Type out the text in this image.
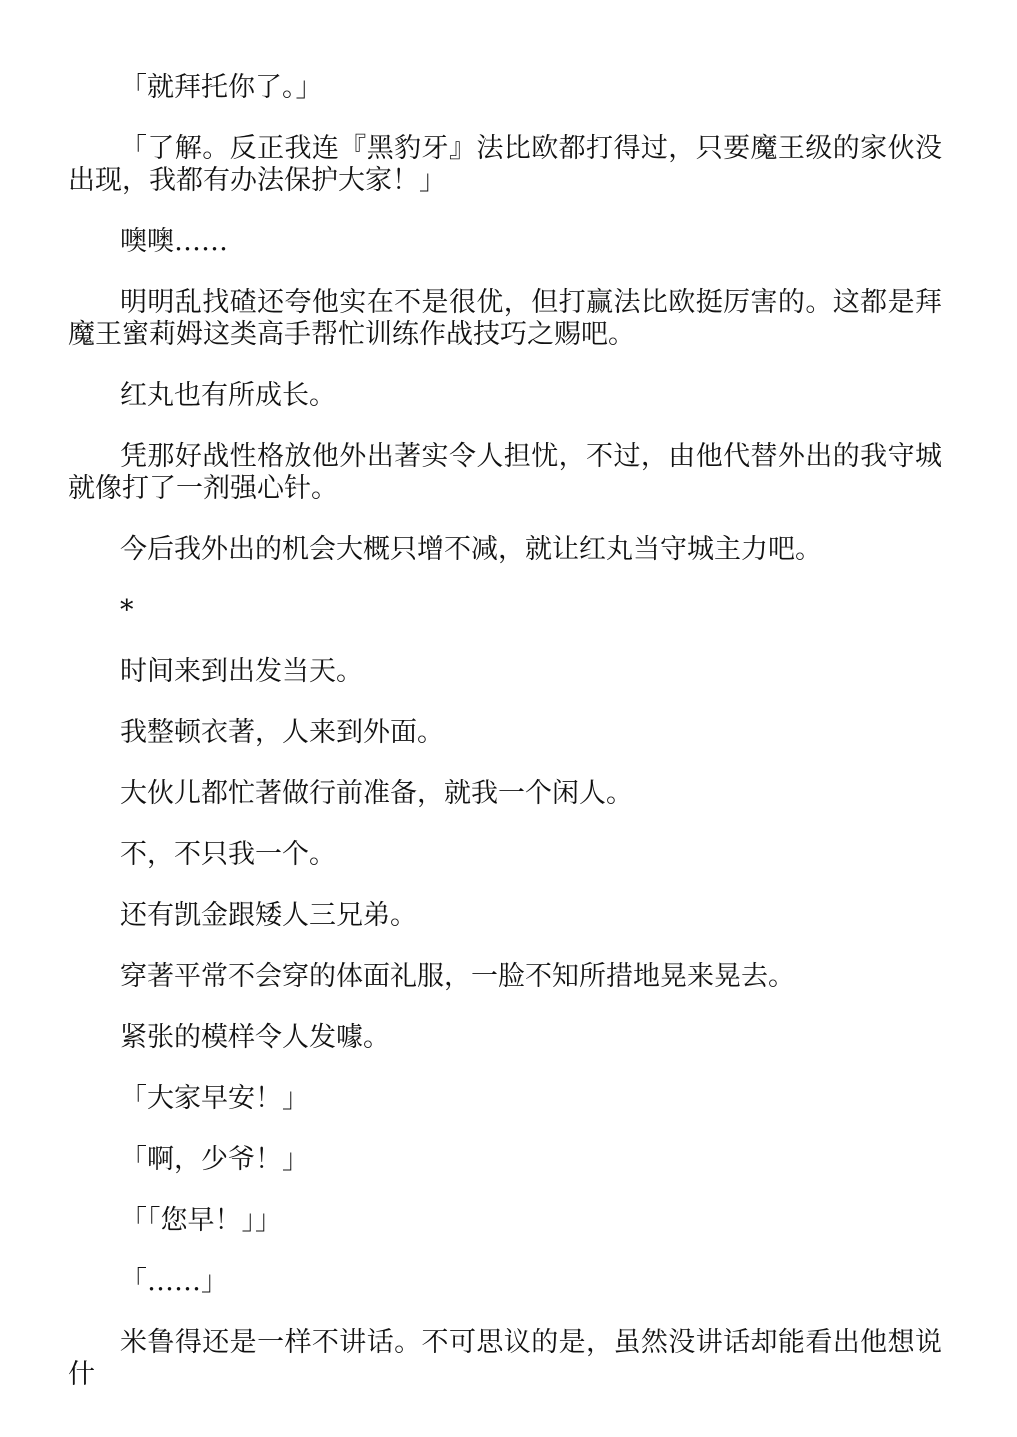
「就拜托你了。」

「了解。反正我连『黑豹牙』法比欧都打得过，只要魔王级的家伙没出现，我都有办法保护大家！」

噢噢……

明明乱找碴还夸他实在不是很优，但打赢法比欧挺厉害的。这都是拜魔王蜜莉姆这类高手帮忙训练作战技巧之赐吧。

红丸也有所成长。

凭那好战性格放他外出著实令人担忧，不过，由他代替外出的我守城就像打了一剂强心针。

今后我外出的机会大概只增不减，就让红丸当守城主力吧。

*

时间来到出发当天。

我整顿衣著，人来到外面。

大伙儿都忙著做行前准备，就我一个闲人。

不，不只我一个。

还有凯金跟矮人三兄弟。

穿著平常不会穿的体面礼服，一脸不知所措地晃来晃去。

紧张的模样令人发噱。

「大家早安！」

「啊，少爷！」

「「您早！」」

「……」

米鲁得还是一样不讲话。不可思议的是，虽然没讲话却能看出他想说什
